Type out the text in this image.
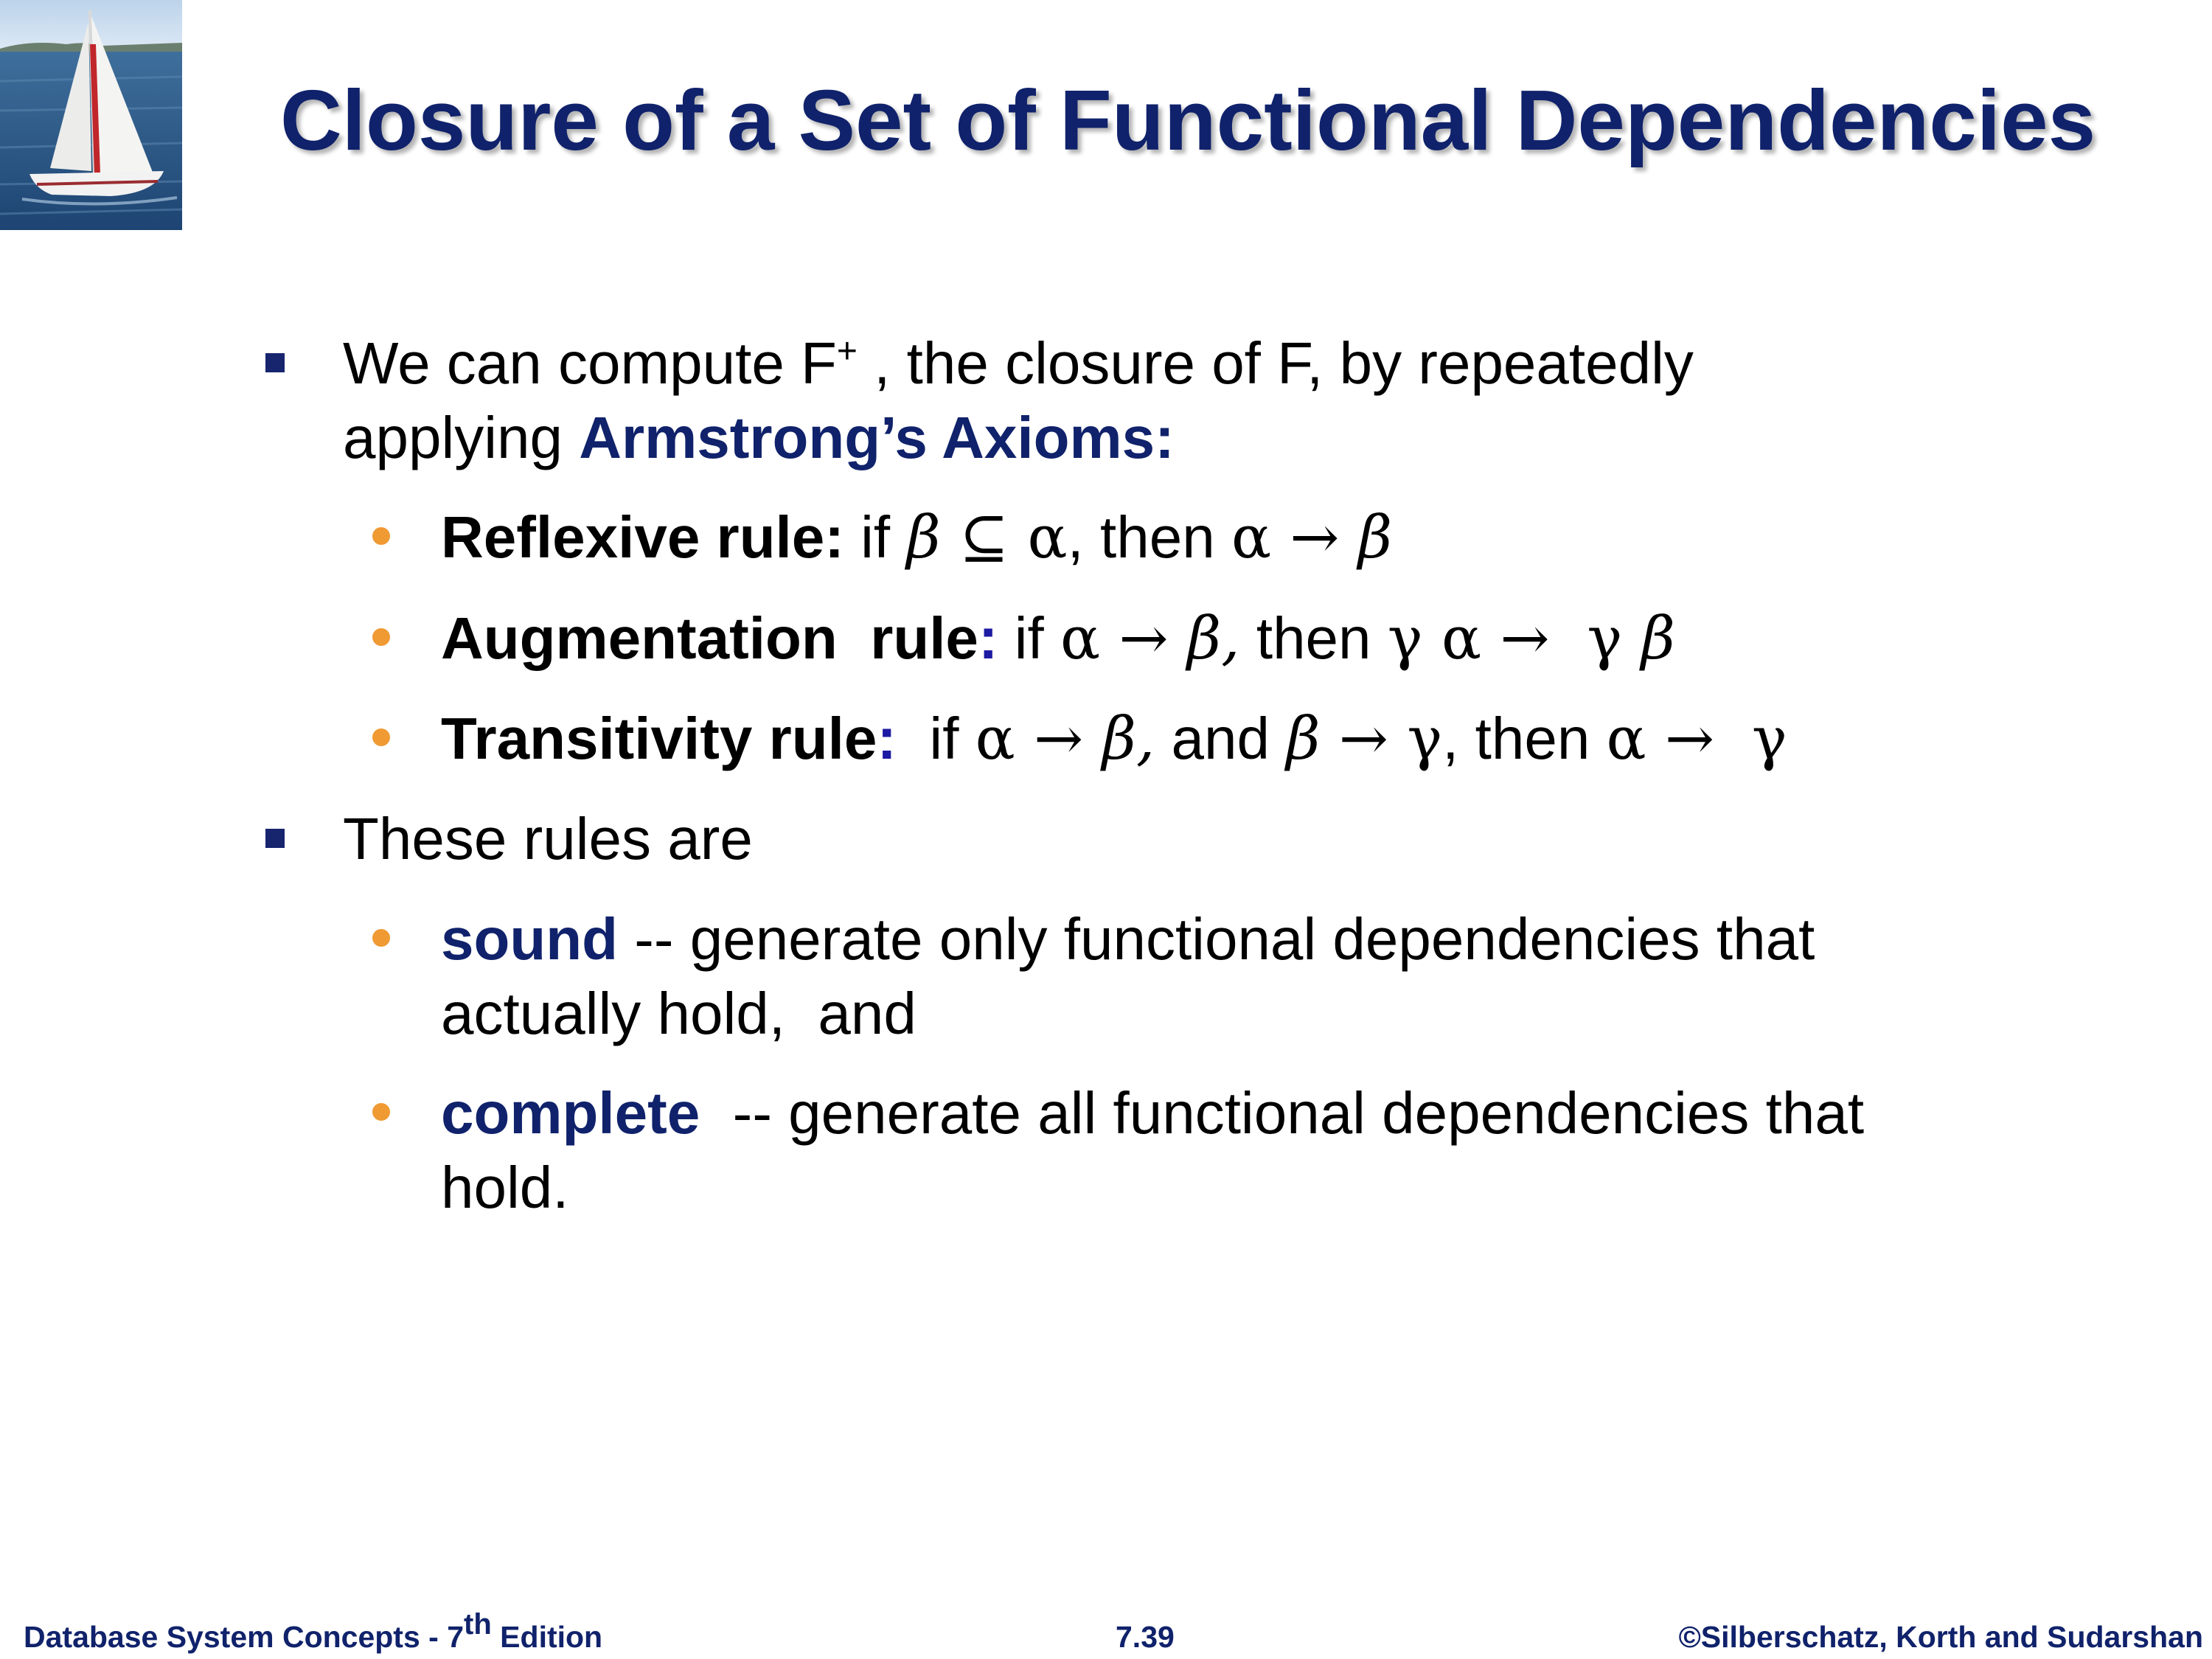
Closure of a Set of Functional Dependencies
We can compute F+ , the closure of F, by repeatedly
applying Armstrong’s Axioms:
Reflexive rule: if β ⊆ α, then α → β
Augmentation  rule: if α → β, then γ α →  γ β
Transitivity rule:  if α → β, and β → γ, then α →  γ
These rules are
sound -- generate only functional dependencies that
actually hold,  and
complete  -- generate all functional dependencies that
hold.
Database System Concepts - 7th Edition	7.39	©Silberschatz, Korth and Sudarshan
